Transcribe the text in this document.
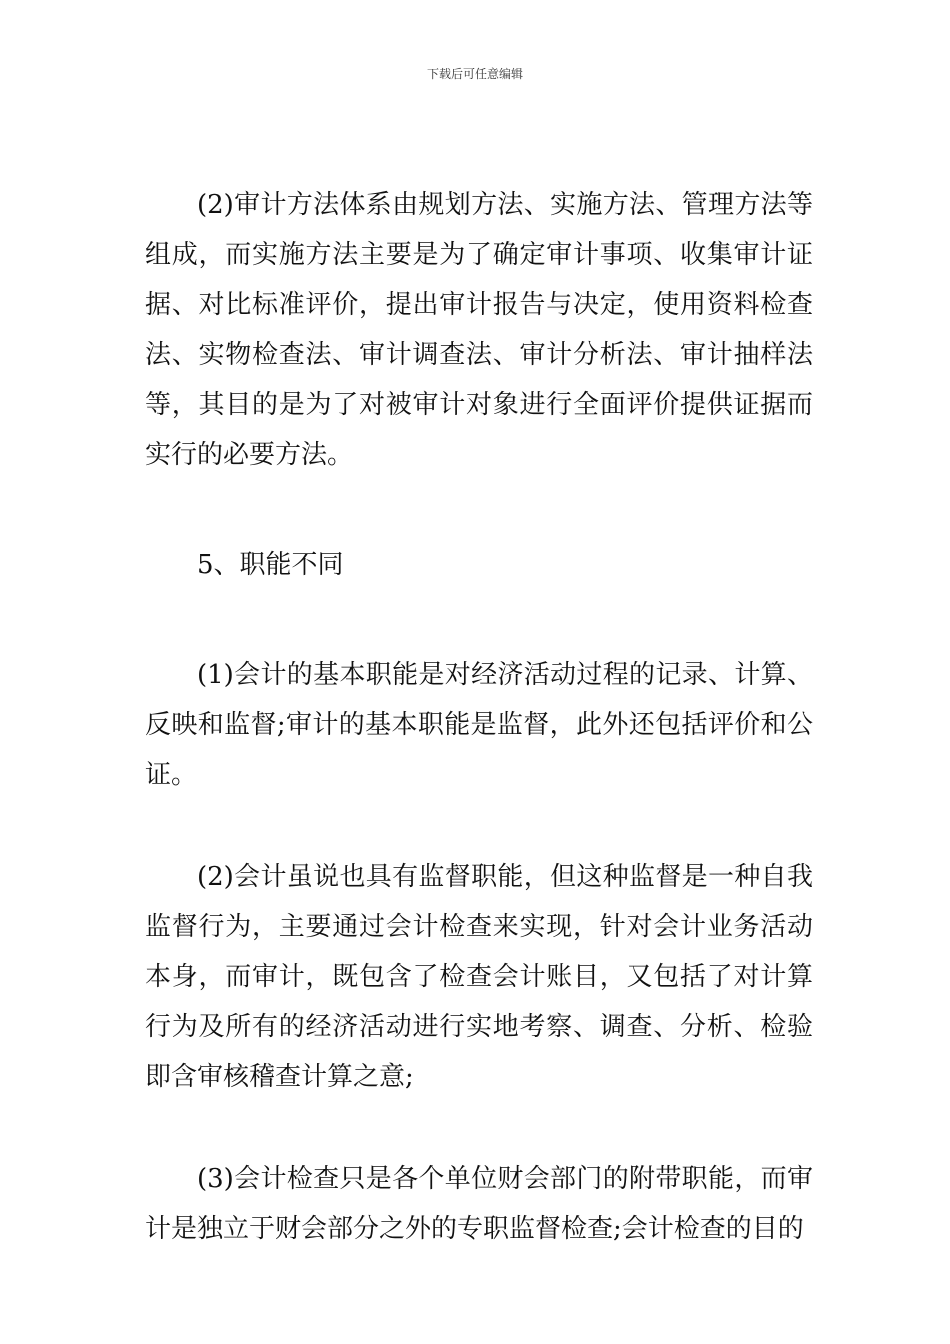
下载后可任意编辑

(2)审计方法体系由规划方法、实施方法、管理方法等组成，而实施方法主要是为了确定审计事项、收集审计证据、对比标准评价，提出审计报告与决定，使用资料检查法、实物检查法、审计调查法、审计分析法、审计抽样法等，其目的是为了对被审计对象进行全面评价提供证据而实行的必要方法。

5、职能不同

(1)会计的基本职能是对经济活动过程的记录、计算、反映和监督;审计的基本职能是监督，此外还包括评价和公证。

(2)会计虽说也具有监督职能，但这种监督是一种自我监督行为，主要通过会计检查来实现，针对会计业务活动本身，而审计，既包含了检查会计账目，又包括了对计算行为及所有的经济活动进行实地考察、调查、分析、检验即含审核稽查计算之意;

(3)会计检查只是各个单位财会部门的附带职能，而审计是独立于财会部分之外的专职监督检查;会计检查的目的
